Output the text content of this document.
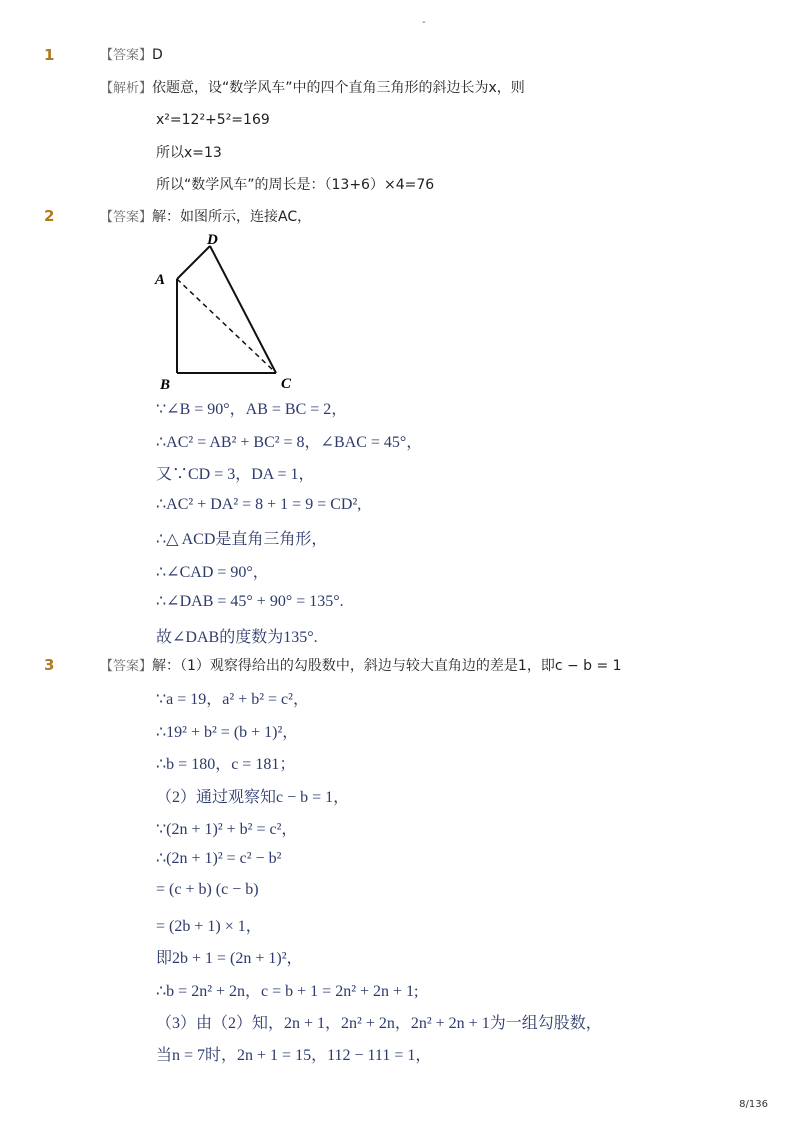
-
1	【答案】D
【解析】依题意，设“数学风车”中的四个直角三角形的斜边长为x，则
x²=12²+5²=169
所以x=13
所以“数学风车”的周长是：（13+6）×4=76
2	【答案】解：如图所示，连接AC，
D
A
B	C
∵∠B = 90°，AB = BC = 2，
∴AC² = AB² + BC² = 8，∠BAC = 45°，
又∵CD = 3，DA = 1，
∴AC² + DA² = 8 + 1 = 9 = CD²,
∴△ ACD是直角三角形，
∴∠CAD = 90°，
∴∠DAB = 45° + 90° = 135°.
故∠DAB的度数为135°.
3	【答案】解：（1）观察得给出的勾股数中，斜边与较大直角边的差是1，即c − b = 1
∵a = 19，a² + b² = c²，
∴19² + b² = (b + 1)²，
∴b = 180，c = 181；
（2）通过观察知c − b = 1，
∵(2n + 1)² + b² = c²，
∴(2n + 1)² = c² − b²
= (c + b) (c − b)
= (2b + 1) × 1，
即2b + 1 = (2n + 1)²，
∴b = 2n² + 2n，c = b + 1 = 2n² + 2n + 1;
（3）由（2）知，2n + 1，2n² + 2n，2n² + 2n + 1为一组勾股数，
当n = 7时，2n + 1 = 15，112 − 111 = 1，
8/136
